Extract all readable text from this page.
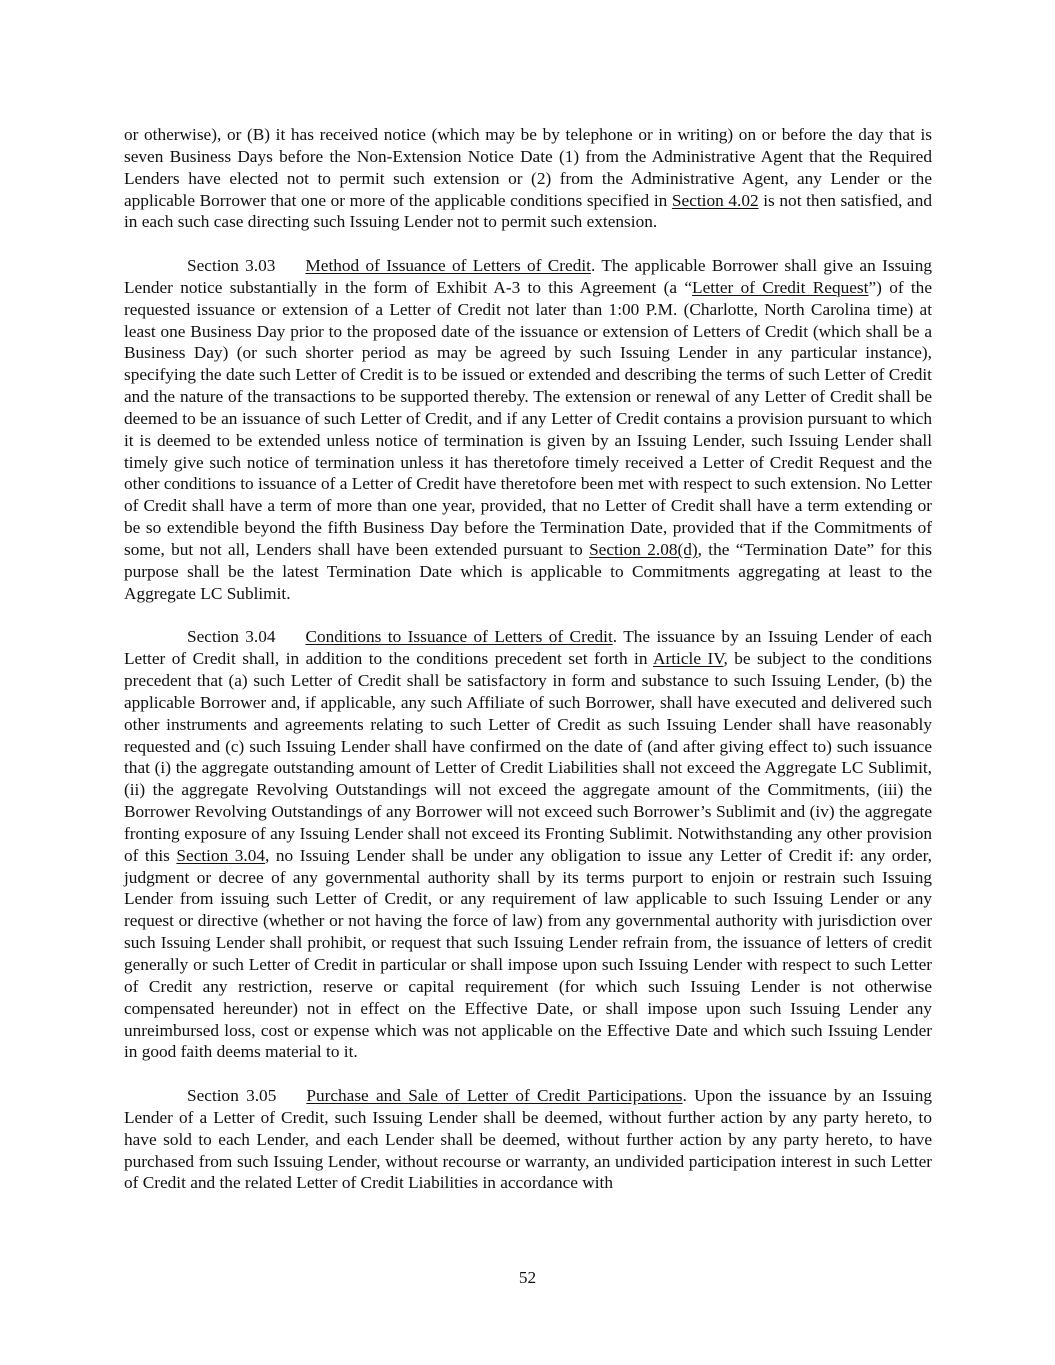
or otherwise), or (B) it has received notice (which may be by telephone or in writing) on or before the day that is seven Business Days before the Non-Extension Notice Date (1) from the Administrative Agent that the Required Lenders have elected not to permit such extension or (2) from the Administrative Agent, any Lender or the applicable Borrower that one or more of the applicable conditions specified in Section 4.02 is not then satisfied, and in each such case directing such Issuing Lender not to permit such extension.

Section 3.03 Method of Issuance of Letters of Credit. The applicable Borrower shall give an Issuing Lender notice substantially in the form of Exhibit A-3 to this Agreement (a “Letter of Credit Request”) of the requested issuance or extension of a Letter of Credit not later than 1:00 P.M. (Charlotte, North Carolina time) at least one Business Day prior to the proposed date of the issuance or extension of Letters of Credit (which shall be a Business Day) (or such shorter period as may be agreed by such Issuing Lender in any particular instance), specifying the date such Letter of Credit is to be issued or extended and describing the terms of such Letter of Credit and the nature of the transactions to be supported thereby. The extension or renewal of any Letter of Credit shall be deemed to be an issuance of such Letter of Credit, and if any Letter of Credit contains a provision pursuant to which it is deemed to be extended unless notice of termination is given by an Issuing Lender, such Issuing Lender shall timely give such notice of termination unless it has theretofore timely received a Letter of Credit Request and the other conditions to issuance of a Letter of Credit have theretofore been met with respect to such extension. No Letter of Credit shall have a term of more than one year, provided, that no Letter of Credit shall have a term extending or be so extendible beyond the fifth Business Day before the Termination Date, provided that if the Commitments of some, but not all, Lenders shall have been extended pursuant to Section 2.08(d), the “Termination Date” for this purpose shall be the latest Termination Date which is applicable to Commitments aggregating at least to the Aggregate LC Sublimit.

Section 3.04 Conditions to Issuance of Letters of Credit. The issuance by an Issuing Lender of each Letter of Credit shall, in addition to the conditions precedent set forth in Article IV, be subject to the conditions precedent that (a) such Letter of Credit shall be satisfactory in form and substance to such Issuing Lender, (b) the applicable Borrower and, if applicable, any such Affiliate of such Borrower, shall have executed and delivered such other instruments and agreements relating to such Letter of Credit as such Issuing Lender shall have reasonably requested and (c) such Issuing Lender shall have confirmed on the date of (and after giving effect to) such issuance that (i) the aggregate outstanding amount of Letter of Credit Liabilities shall not exceed the Aggregate LC Sublimit, (ii) the aggregate Revolving Outstandings will not exceed the aggregate amount of the Commitments, (iii) the Borrower Revolving Outstandings of any Borrower will not exceed such Borrower’s Sublimit and (iv) the aggregate fronting exposure of any Issuing Lender shall not exceed its Fronting Sublimit. Notwithstanding any other provision of this Section 3.04, no Issuing Lender shall be under any obligation to issue any Letter of Credit if: any order, judgment or decree of any governmental authority shall by its terms purport to enjoin or restrain such Issuing Lender from issuing such Letter of Credit, or any requirement of law applicable to such Issuing Lender or any request or directive (whether or not having the force of law) from any governmental authority with jurisdiction over such Issuing Lender shall prohibit, or request that such Issuing Lender refrain from, the issuance of letters of credit generally or such Letter of Credit in particular or shall impose upon such Issuing Lender with respect to such Letter of Credit any restriction, reserve or capital requirement (for which such Issuing Lender is not otherwise compensated hereunder) not in effect on the Effective Date, or shall impose upon such Issuing Lender any unreimbursed loss, cost or expense which was not applicable on the Effective Date and which such Issuing Lender in good faith deems material to it.

Section 3.05 Purchase and Sale of Letter of Credit Participations. Upon the issuance by an Issuing Lender of a Letter of Credit, such Issuing Lender shall be deemed, without further action by any party hereto, to have sold to each Lender, and each Lender shall be deemed, without further action by any party hereto, to have purchased from such Issuing Lender, without recourse or warranty, an undivided participation interest in such Letter of Credit and the related Letter of Credit Liabilities in accordance with

52
